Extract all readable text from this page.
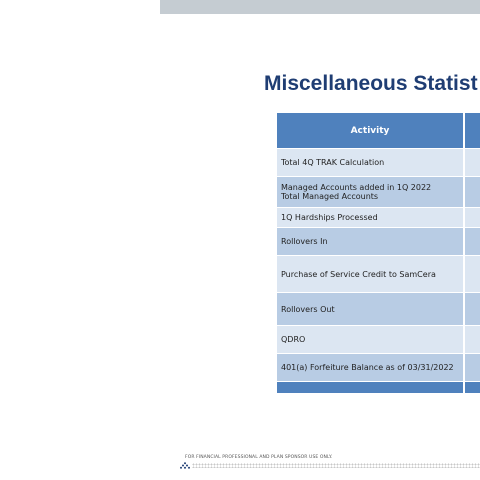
Miscellaneous Statist
Activity
Total 4Q TRAK Calculation
Managed Accounts added in 1Q 2022
Total Managed Accounts
1Q Hardships Processed
Rollovers In
Purchase of Service Credit to SamCera
Rollovers Out
QDRO
401(a) Forfeiture Balance as of 03/31/2022
FOR FINANCIAL PROFESSIONAL AND PLAN SPONSOR USE ONLY.
